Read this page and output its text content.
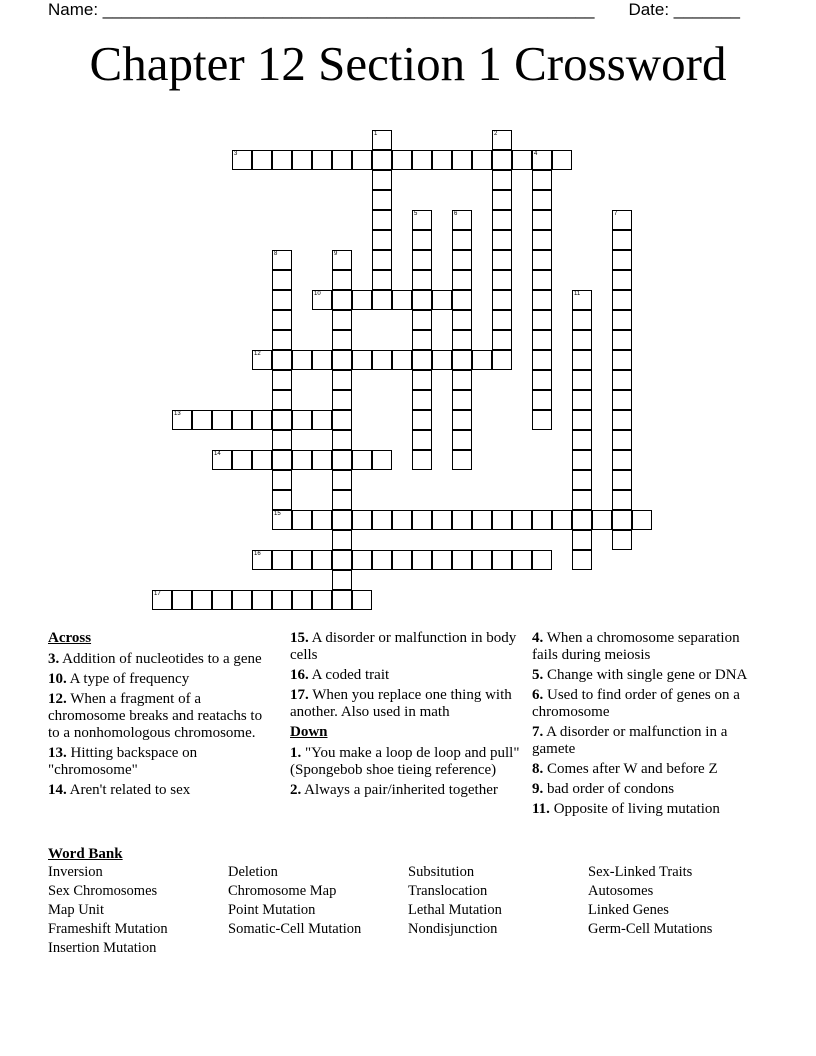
Name: ____________________________________________________ Date: _______
Chapter 12 Section 1 Crossword
1	2
3	4
5	6	7
8	9
10	11
12
13
14
15
16
17
Across
3. Addition of nucleotides to a gene
10. A type of frequency
12. When a fragment of a chromosome breaks and reatachs to to a nonhomologous chromosome.
13. Hitting backspace on "chromosome"
14. Aren't related to sex
15. A disorder or malfunction in body cells
16. A coded trait
17. When you replace one thing with another. Also used in math
Down
1. "You make a loop de loop and pull" (Spongebob shoe tieing reference)
2. Always a pair/inherited together
4. When a chromosome separation fails during meiosis
5. Change with single gene or DNA
6. Used to find order of genes on a chromosome
7. A disorder or malfunction in a gamete
8. Comes after W and before Z
9. bad order of condons
11. Opposite of living mutation
Word Bank
Inversion
Sex Chromosomes
Map Unit
Frameshift Mutation
Insertion Mutation
Deletion
Chromosome Map
Point Mutation
Somatic-Cell Mutation
Subsitution
Translocation
Lethal Mutation
Nondisjunction
Sex-Linked Traits
Autosomes
Linked Genes
Germ-Cell Mutations
